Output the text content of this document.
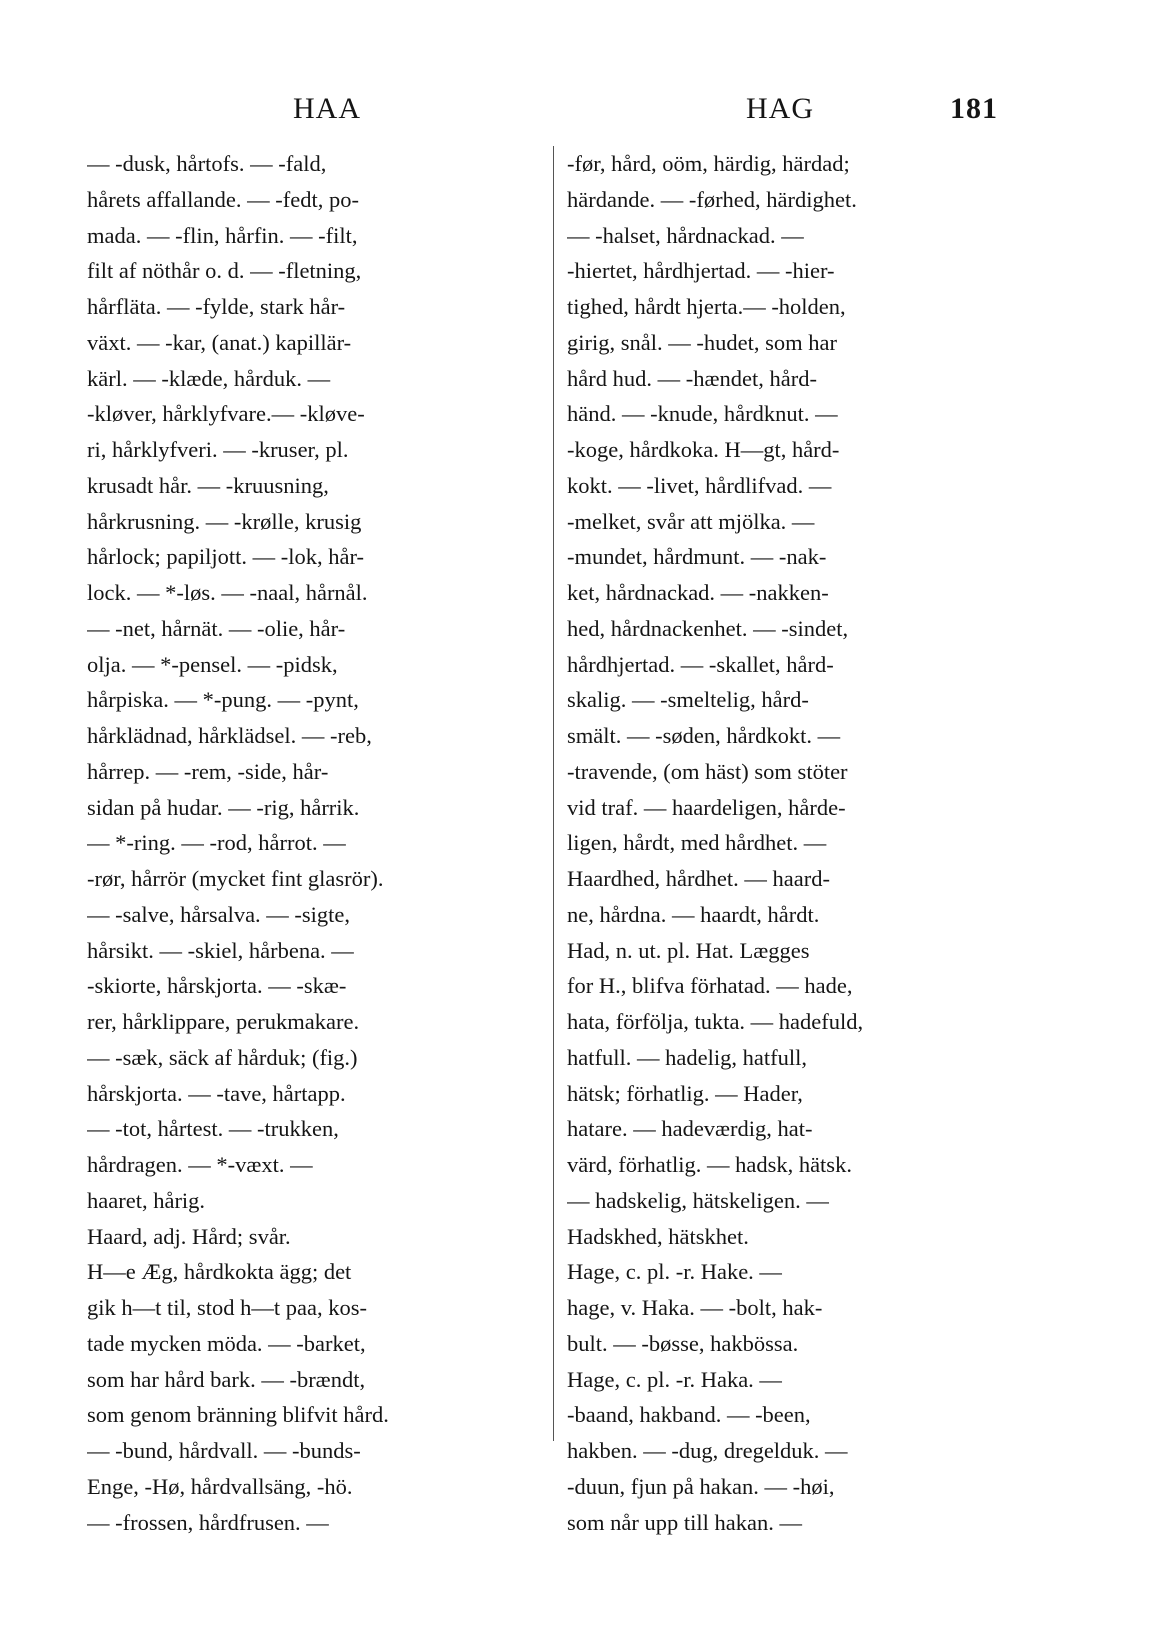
HAA	HAG	181
— -dusk, hårtofs. — -fald,
hårets affallande. — -fedt, po-
mada. — -flin, hårfin. — -filt,
filt af nöthår o. d. — -fletning,
hårfläta. — -fylde, stark hår-
växt. — -kar, (anat.) kapillär-
kärl. — -klæde, hårduk. —
-kløver, hårklyfvare.— -kløve-
ri, hårklyfveri. — -kruser, pl.
krusadt hår. — -kruusning,
hårkrusning. — -krølle, krusig
hårlock; papiljott. — -lok, hår-
lock. — *-løs. — -naal, hårnål.
— -net, hårnät. — -olie, hår-
olja. — *-pensel. — -pidsk,
hårpiska. — *-pung. — -pynt,
hårklädnad, hårklädsel. — -reb,
hårrep. — -rem, -side, hår-
sidan på hudar. — -rig, hårrik.
— *-ring. — -rod, hårrot. —
-rør, hårrör (mycket fint glasrör).
— -salve, hårsalva. — -sigte,
hårsikt. — -skiel, hårbena. —
-skiorte, hårskjorta. — -skæ-
rer, hårklippare, perukmakare.
— -sæk, säck af hårduk; (fig.)
hårskjorta. — -tave, hårtapp.
— -tot, hårtest. — -trukken,
hårdragen. — *-væxt. —
haaret, hårig.
Haard, adj. Hård; svår.
H—e Æg, hårdkokta ägg; det
gik h—t til, stod h—t paa, kos-
tade mycken möda. — -barket,
som har hård bark. — -brændt,
som genom bränning blifvit hård.
— -bund, hårdvall. — -bunds-
Enge, -Hø, hårdvallsäng, -hö.
— -frossen, hårdfrusen. —
-før, hård, oöm, härdig, härdad;
härdande. — -førhed, härdighet.
— -halset, hårdnackad. —
-hiertet, hårdhjertad. — -hier-
tighed, hårdt hjerta.— -holden,
girig, snål. — -hudet, som har
hård hud. — -hændet, hård-
händ. — -knude, hårdknut. —
-koge, hårdkoka. H—gt, hård-
kokt. — -livet, hårdlifvad. —
-melket, svår att mjölka. —
-mundet, hårdmunt. — -nak-
ket, hårdnackad. — -nakken-
hed, hårdnackenhet. — -sindet,
hårdhjertad. — -skallet, hård-
skalig. — -smeltelig, hård-
smält. — -søden, hårdkokt. —
-travende, (om häst) som stöter
vid traf. — haardeligen, hårde-
ligen, hårdt, med hårdhet. —
Haardhed, hårdhet. — haard-
ne, hårdna. — haardt, hårdt.
Had, n. ut. pl. Hat. Lægges
for H., blifva förhatad. — hade,
hata, förfölja, tukta. — hadefuld,
hatfull. — hadelig, hatfull,
hätsk; förhatlig. — Hader,
hatare. — hadeværdig, hat-
värd, förhatlig. — hadsk, hätsk.
— hadskelig, hätskeligen. —
Hadskhed, hätskhet.
Hage, c. pl. -r. Hake. —
hage, v. Haka. — -bolt, hak-
bult. — -bøsse, hakbössa.
Hage, c. pl. -r. Haka. —
-baand, hakband. — -been,
hakben. — -dug, dregelduk. —
-duun, fjun på hakan. — -høi,
som når upp till hakan. —
